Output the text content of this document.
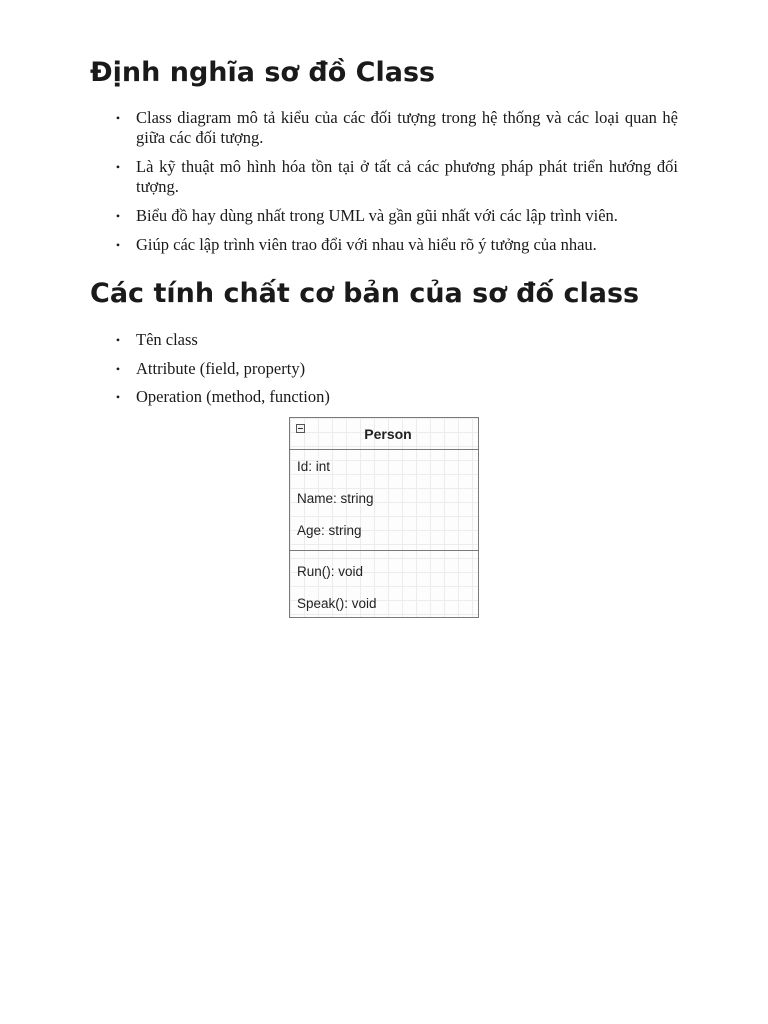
Định nghĩa sơ đồ Class
• Class diagram mô tả kiểu của các đối tượng trong hệ thống và các loại quan hệ giữa các đối tượng.
• Là kỹ thuật mô hình hóa tồn tại ở tất cả các phương pháp phát triển hướng đối tượng.
• Biểu đồ hay dùng nhất trong UML và gần gũi nhất với các lập trình viên.
• Giúp các lập trình viên trao đổi với nhau và hiểu rõ ý tưởng của nhau.
Các tính chất cơ bản của sơ đố class
• Tên class
• Attribute (field, property)
• Operation (method, function)
Person
Id: int
Name: string
Age: string
Run(): void
Speak(): void
